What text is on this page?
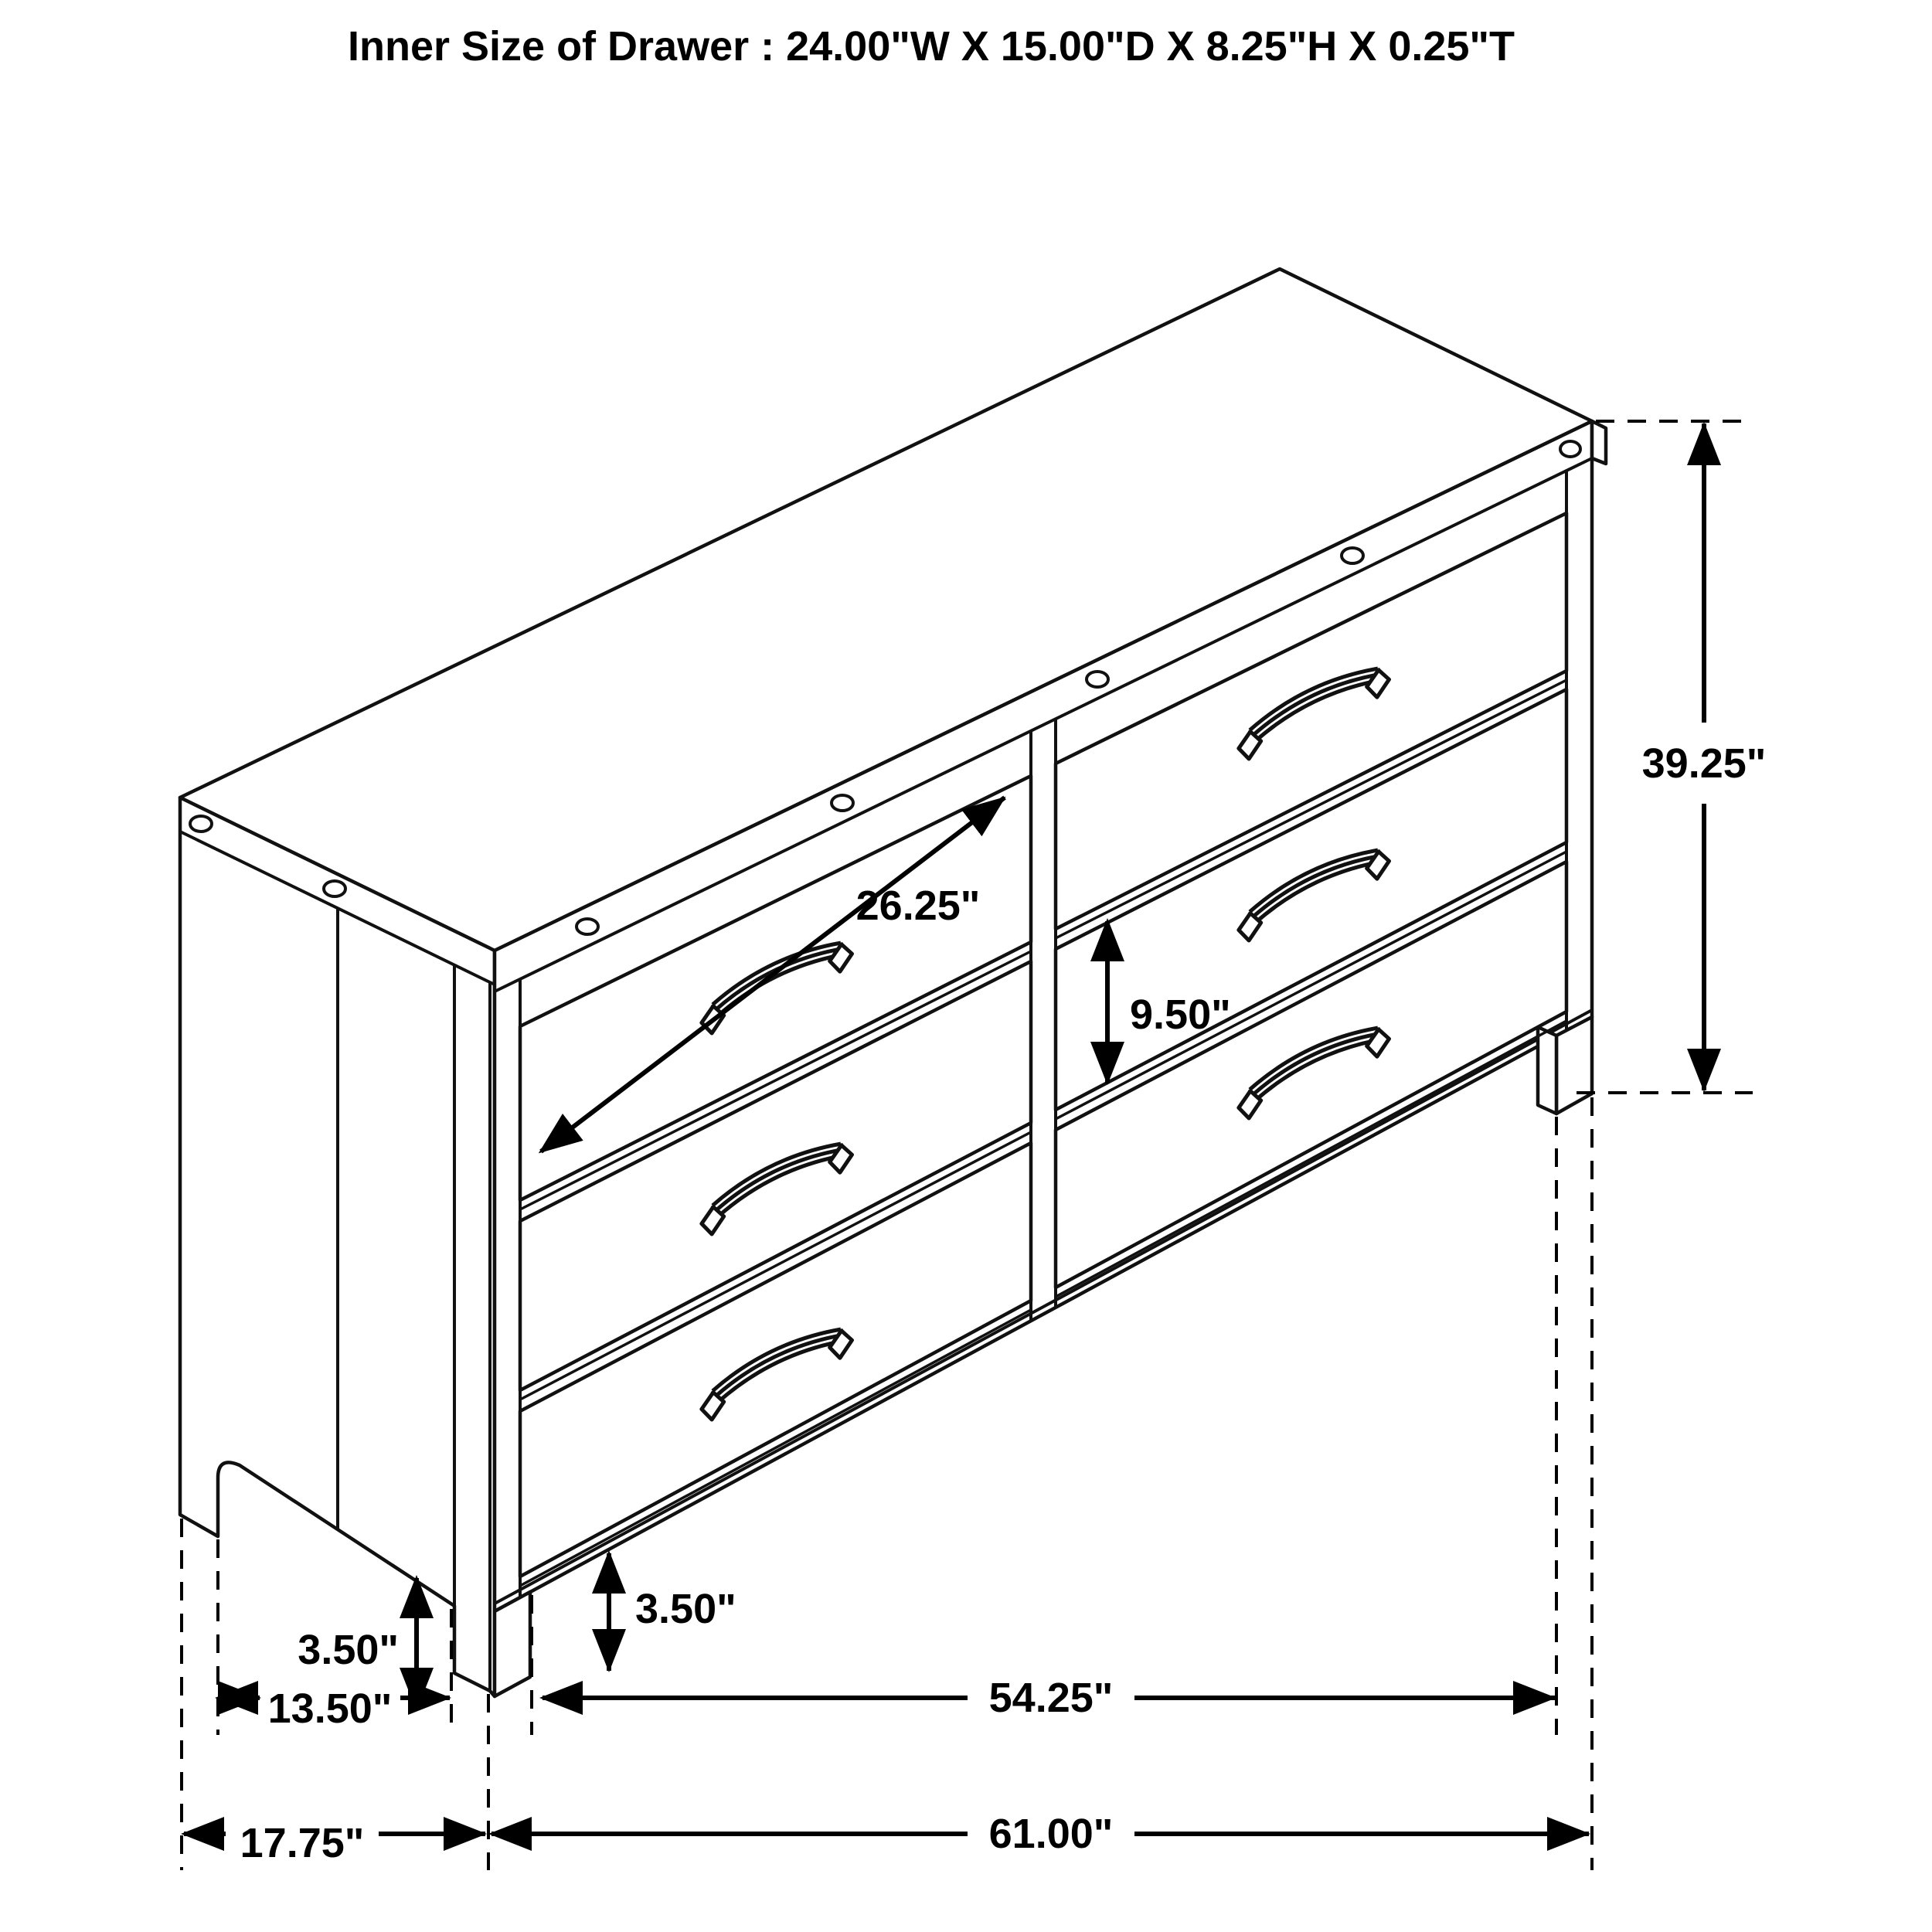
Inner Size of Drawer : 24.00"W X 15.00"D X 8.25"H X 0.25"T
26.25"
9.50"
39.25"
3.50"
3.50"
13.50"	54.25"
17.75"	61.00"
